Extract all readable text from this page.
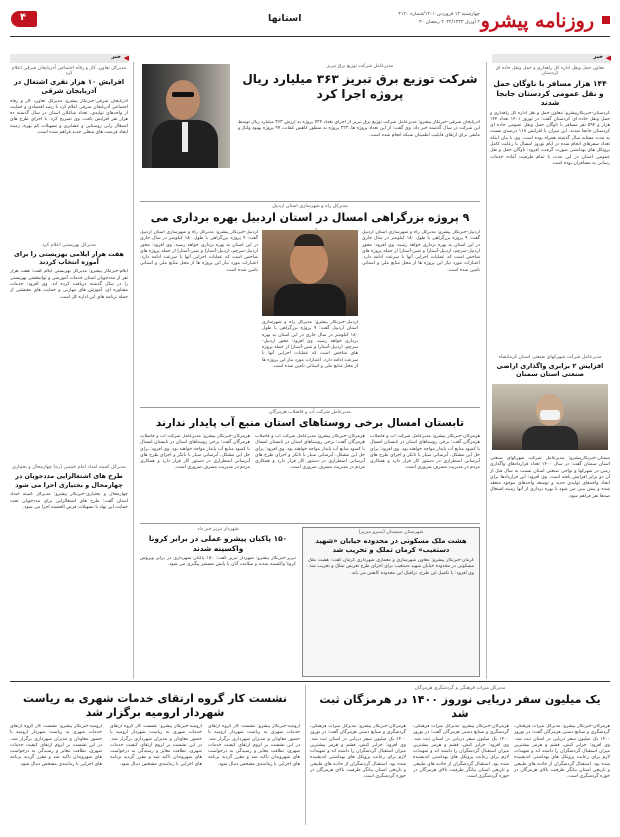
روزنامه پیشرو
چهارشنبه ۱۴ فروردین ۱۴۰۱/شماره ۴۱۲۰
۲ آوریل ۲۰۲۲/۱۴۴۳ رمضان ۳۰
استانها
۴
خبر ◀
خبر ◀
معاون حمل ونقل اداره کل راهداری و حمل ونقل جاده ای کردستان
۱۴۴ هزار مسافر با ناوگان حمل و نقل عمومی کردستان جابجا شدند
کردستان-خبرنگارپیشرو: معاون حمل و نقل اداره کل راهداری و حمل ونقل جاده ای کردستان گفت: در نوروز ۱۴۰۱ تعداد ۱۴۴ هزار و ۵۹۴ نفر مسافر با ناوگان حمل ونقل عمومی جاده ای کردستان جابجا شدند. این میزان با افزایش ۱۱۸ درصدی نسبت به مدت مشابه سال گذشته همراه بوده است. وی با بیان اینکه تعداد سفرهای انجام شده در ایام نوروز امسال با رعایت کامل پروتکل های بهداشتی صورت گرفت، افزود: ناوگان حمل و نقل عمومی استان در این مدت با تمام ظرفیت آماده خدمات رسانی به مسافران بوده است.
مدیرعامل شرکت شهرکهای صنعتی استان کرمانشاه
افزایش ۲ برابری واگذاری اراضی صنعتی استان سمنان
سمنان-خبرنگارپیشرو: مدیرعامل شرکت شهرکهای صنعتی استان سمنان گفت: در سال ۱۴۰۰ تعداد قراردادهای واگذاری زمین در شهرکها و نواحی صنعتی استان نسبت به سال قبل از آن دو برابر افزایش یافته است. وی افزود: این قراردادها برای ایجاد واحدهای تولیدی جدید و توسعه واحدهای موجود منعقد شده و پیش بینی می شود با بهره برداری از آنها زمینه اشتغال صدها نفر فراهم شود.
مدیرعامل شرکت توزیع برق تبریز
شرکت توزیع برق تبریز ۳۶۳ میلیارد ریال پروژه اجرا کرد
آذربایجان شرقی-خبرنگار پیشرو: مدیرعامل شرکت توزیع برق تبریز از اجرای تعداد ۷۲۴ پروژه به ارزش ۳۶۳ میلیارد ریال توسط این شرکت در سال گذشته خبر داد. وی گفت: از این تعداد پروژه ها، ۲۲۳ پروژه به منظور کاهش تلفات، ۹۹ پروژه بهبود ولتاژ و مابقی برای ارتقای قابلیت اطمینان شبکه انجام شده است.
مدیرکل تعاون، کار و رفاه اجتماعی آذربایجان شرقی اعلام کرد
افزایش ۱۰ هزار نفری اشتغال در آذربایجان شرقی
آذربایجان شرقی-خبرنگار پیشرو: مدیرکل تعاون، کار و رفاه اجتماعی آذربایجان شرقی اعلام کرد با رشد اقتصادی و حمایت از واحدهای تولیدی، تعداد شاغلان استان در سال گذشته ده هزار نفر افزایش یافت. وی تصریح کرد: با اجرای طرح های اشتغال زایی روستایی و عشایری و تسهیلات کم بهره، زمینه ایجاد فرصت های شغلی جدید فراهم شده است.
مدیرکل بهزیستی اعلام کرد
هفت هزار ایلامی بهزیستی را برای آموزه انتخاب کردند
ایلام-خبرنگار پیشرو: مدیرکل بهزیستی ایلام گفت: هفت هزار نفر از مددجویان استان خدمات آموزشی و توانبخشی بهزیستی را در سال گذشته دریافت کرده اند. وی افزود: خدمات مشاوره ای، آموزش های مهارتی و حمایت های معیشتی از جمله برنامه های این اداره کل است.
مدیرکل کمیته امداد امام خمینی (ره) چهارمحال و بختیاری
طرح های اشتغالزایی مددجویان در چهارمحال و بختیاری اجرا می شود
چهارمحال و بختیاری-خبرنگار پیشرو: مدیرکل کمیته امداد استان گفت: طرح های اشتغالزایی برای مددجویان تحت حمایت این نهاد با تسهیلات قرض الحسنه اجرا می شود.
مدیرکل راه و شهرسازی استان اردبیل
۹ پروژه بزرگراهی امسال در استان اردبیل بهره برداری می
اردبیل-خبرنگار پیشرو: مدیرکل راه و شهرسازی استان اردبیل گفت: ۹ پروژه بزرگراهی با طول ۱۸۰ کیلومتر در سال جاری در این استان به بهره برداری خواهد رسید. وی افزود: محور اردبیل-سرچم، اردبیل-آستارا و نمین-آستارا از جمله پروژه های شاخص است که عملیات اجرایی آنها با سرعت ادامه دارد. اعتبارات مورد نیاز این پروژه ها از محل منابع ملی و استانی تامین شده است.
اردبیل-خبرنگار پیشرو: مدیرکل راه و شهرسازی استان اردبیل گفت: ۹ پروژه بزرگراهی با طول ۱۸۰ کیلومتر در سال جاری در این استان به بهره برداری خواهد رسید. وی افزود: محور اردبیل-سرچم، اردبیل-آستارا و نمین-آستارا از جمله پروژه های شاخص است که عملیات اجرایی آنها با سرعت ادامه دارد. اعتبارات مورد نیاز این پروژه ها از محل منابع ملی و استانی تامین شده است.
اردبیل-خبرنگار پیشرو: مدیرکل راه و شهرسازی استان اردبیل گفت: ۹ پروژه بزرگراهی با طول ۱۸۰ کیلومتر در سال جاری در این استان به بهره برداری خواهد رسید. وی افزود: محور اردبیل-سرچم، اردبیل-آستارا و نمین-آستارا از جمله پروژه های شاخص است که عملیات اجرایی آنها با سرعت ادامه دارد. اعتبارات مورد نیاز این پروژه ها از محل منابع ملی و استانی تامین شده است.
مدیرعامل شرکت آب و فاضلاب هرمزگان
تابستان امسال برخی روستاهای استان منبع آب پایدار ندارند
هرمزگان-خبرنگار پیشرو: مدیرعامل شرکت آب و فاضلاب هرمزگان گفت: برخی روستاهای استان در تابستان امسال با کمبود منابع آب پایدار مواجه خواهند بود. وی افزود: برای حل این مشکل، آبرسانی سیار با تانکر و اجرای طرح های آبرسانی اضطراری در دستور کار قرار دارد و همکاری مردم در مدیریت مصرف ضروری است.
هرمزگان-خبرنگار پیشرو: مدیرعامل شرکت آب و فاضلاب هرمزگان گفت: برخی روستاهای استان در تابستان امسال با کمبود منابع آب پایدار مواجه خواهند بود. وی افزود: برای حل این مشکل، آبرسانی سیار با تانکر و اجرای طرح های آبرسانی اضطراری در دستور کار قرار دارد و همکاری مردم در مدیریت مصرف ضروری است.
هرمزگان-خبرنگار پیشرو: مدیرعامل شرکت آب و فاضلاب هرمزگان گفت: برخی روستاهای استان در تابستان امسال با کمبود منابع آب پایدار مواجه خواهند بود. وی افزود: برای حل این مشکل، آبرسانی سیار با تانکر و اجرای طرح های آبرسانی اضطراری در دستور کار قرار دارد و همکاری مردم در مدیریت مصرف ضروری است.
شهرستان سیستان (سیرو میریز)
هشت ملک مسکونی در محدوده خیابان «شهید دستغیب» کرمان تملک و تخریب شد
کرمان-خبرنگار پیشرو: معاون شهرسازی و معماری شهرداری کرمان گفت: هشت ملک مسکونی در محدوده خیابان شهید دستغیب برای اجرای طرح تعریض تملک و تخریب شد. وی افزود: با تکمیل این طرح، ترافیک این محدوده کاهش می یابد.
شهردار تبریز خبر داد
۱۵۰ پاکبان پیشرو عملی در برابر کرونا واکسینه شدند
تبریز-خبرنگار پیشرو: شهردار تبریز گفت: ۱۵۰ پاکبان شهرداری در برابر ویروس کرونا واکسینه شدند و سلامت آنان با پایش مستمر پیگیری می شود.
مدیرکل میراث فرهنگی و گردشگری هرمزگان
یک میلیون سفر دریایی نوروز ۱۴۰۰ در هرمزگان ثبت شد
هرمزگان-خبرنگار پیشرو: مدیرکل میراث فرهنگی، گردشگری و صنایع دستی هرمزگان گفت: در نوروز ۱۴۰۰ یک میلیون سفر دریایی در استان ثبت شد. وی افزود: جزایر کیش، قشم و هرمز بیشترین میزان استقبال گردشگران را داشته اند و تمهیدات لازم برای رعایت پروتکل های بهداشتی اندیشیده شده بود. استقبال گردشگران از جاذبه های طبیعی و تاریخی استان بیانگر ظرفیت بالای هرمزگان در حوزه گردشگری است.
هرمزگان-خبرنگار پیشرو: مدیرکل میراث فرهنگی، گردشگری و صنایع دستی هرمزگان گفت: در نوروز ۱۴۰۰ یک میلیون سفر دریایی در استان ثبت شد. وی افزود: جزایر کیش، قشم و هرمز بیشترین میزان استقبال گردشگران را داشته اند و تمهیدات لازم برای رعایت پروتکل های بهداشتی اندیشیده شده بود. استقبال گردشگران از جاذبه های طبیعی و تاریخی استان بیانگر ظرفیت بالای هرمزگان در حوزه گردشگری است.
هرمزگان-خبرنگار پیشرو: مدیرکل میراث فرهنگی، گردشگری و صنایع دستی هرمزگان گفت: در نوروز ۱۴۰۰ یک میلیون سفر دریایی در استان ثبت شد. وی افزود: جزایر کیش، قشم و هرمز بیشترین میزان استقبال گردشگران را داشته اند و تمهیدات لازم برای رعایت پروتکل های بهداشتی اندیشیده شده بود. استقبال گردشگران از جاذبه های طبیعی و تاریخی استان بیانگر ظرفیت بالای هرمزگان در حوزه گردشگری است.
نشست کار گروه ارتقای خدمات شهری به ریاست شهردار ارومیه برگزار شد
ارومیه-خبرنگار پیشرو: نشست کار گروه ارتقای خدمات شهری به ریاست شهردار ارومیه با حضور معاونان و مدیران شهرداری برگزار شد. در این نشست بر لزوم ارتقای کیفیت خدمات شهری، نظافت معابر و رسیدگی به درخواست های شهروندان تاکید شد و مقرر گردید برنامه های اجرایی با زمانبندی مشخص دنبال شود.
ارومیه-خبرنگار پیشرو: نشست کار گروه ارتقای خدمات شهری به ریاست شهردار ارومیه با حضور معاونان و مدیران شهرداری برگزار شد. در این نشست بر لزوم ارتقای کیفیت خدمات شهری، نظافت معابر و رسیدگی به درخواست های شهروندان تاکید شد و مقرر گردید برنامه های اجرایی با زمانبندی مشخص دنبال شود.
ارومیه-خبرنگار پیشرو: نشست کار گروه ارتقای خدمات شهری به ریاست شهردار ارومیه با حضور معاونان و مدیران شهرداری برگزار شد. در این نشست بر لزوم ارتقای کیفیت خدمات شهری، نظافت معابر و رسیدگی به درخواست های شهروندان تاکید شد و مقرر گردید برنامه های اجرایی با زمانبندی مشخص دنبال شود.
